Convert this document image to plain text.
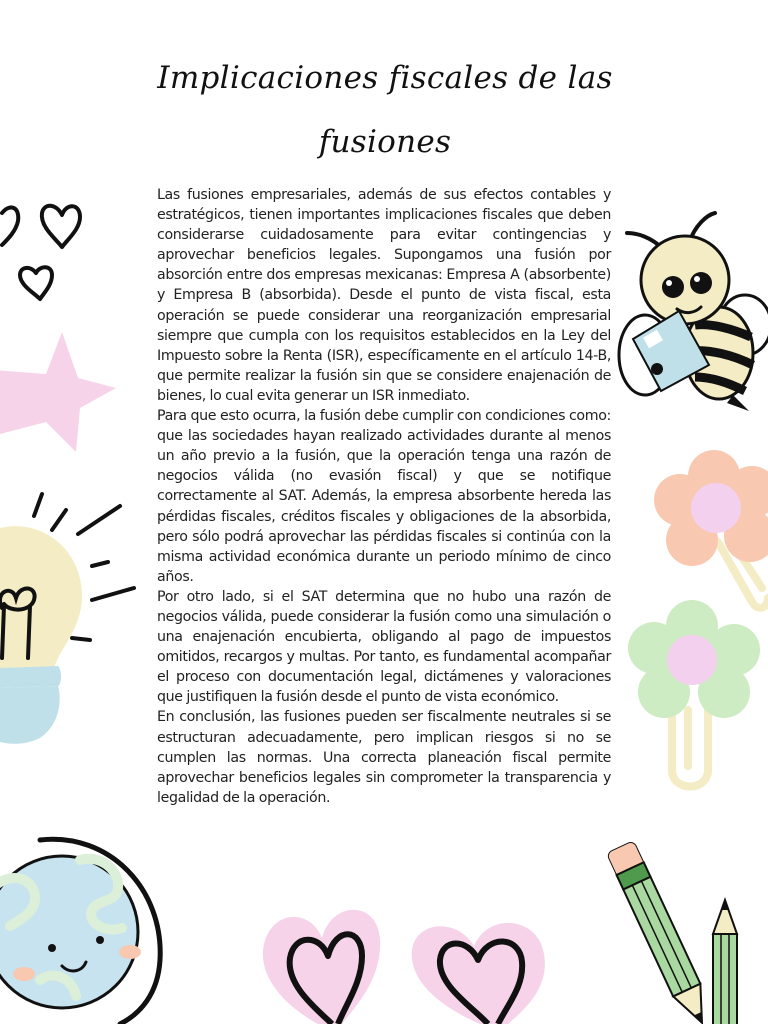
Implicaciones fiscales de las fusiones

Las fusiones empresariales, además de sus efectos contables y estratégicos, tienen importantes implicaciones fiscales que deben considerarse cuidadosamente para evitar contingencias y aprovechar beneficios legales. Supongamos una fusión por absorción entre dos empresas mexicanas: Empresa A (absorbente) y Empresa B (absorbida). Desde el punto de vista fiscal, esta operación se puede considerar una reorganización empresarial siempre que cumpla con los requisitos establecidos en la Ley del Impuesto sobre la Renta (ISR), específicamente en el artículo 14-B, que permite realizar la fusión sin que se considere enajenación de bienes, lo cual evita generar un ISR inmediato.

Para que esto ocurra, la fusión debe cumplir con condiciones como: que las sociedades hayan realizado actividades durante al menos un año previo a la fusión, que la operación tenga una razón de negocios válida (no evasión fiscal) y que se notifique correctamente al SAT. Además, la empresa absorbente hereda las pérdidas fiscales, créditos fiscales y obligaciones de la absorbida, pero sólo podrá aprovechar las pérdidas fiscales si continúa con la misma actividad económica durante un periodo mínimo de cinco años.

Por otro lado, si el SAT determina que no hubo una razón de negocios válida, puede considerar la fusión como una simulación o una enajenación encubierta, obligando al pago de impuestos omitidos, recargos y multas. Por tanto, es fundamental acompañar el proceso con documentación legal, dictámenes y valoraciones que justifiquen la fusión desde el punto de vista económico.

En conclusión, las fusiones pueden ser fiscalmente neutrales si se estructuran adecuadamente, pero implican riesgos si no se cumplen las normas. Una correcta planeación fiscal permite aprovechar beneficios legales sin comprometer la transparencia y legalidad de la operación.
